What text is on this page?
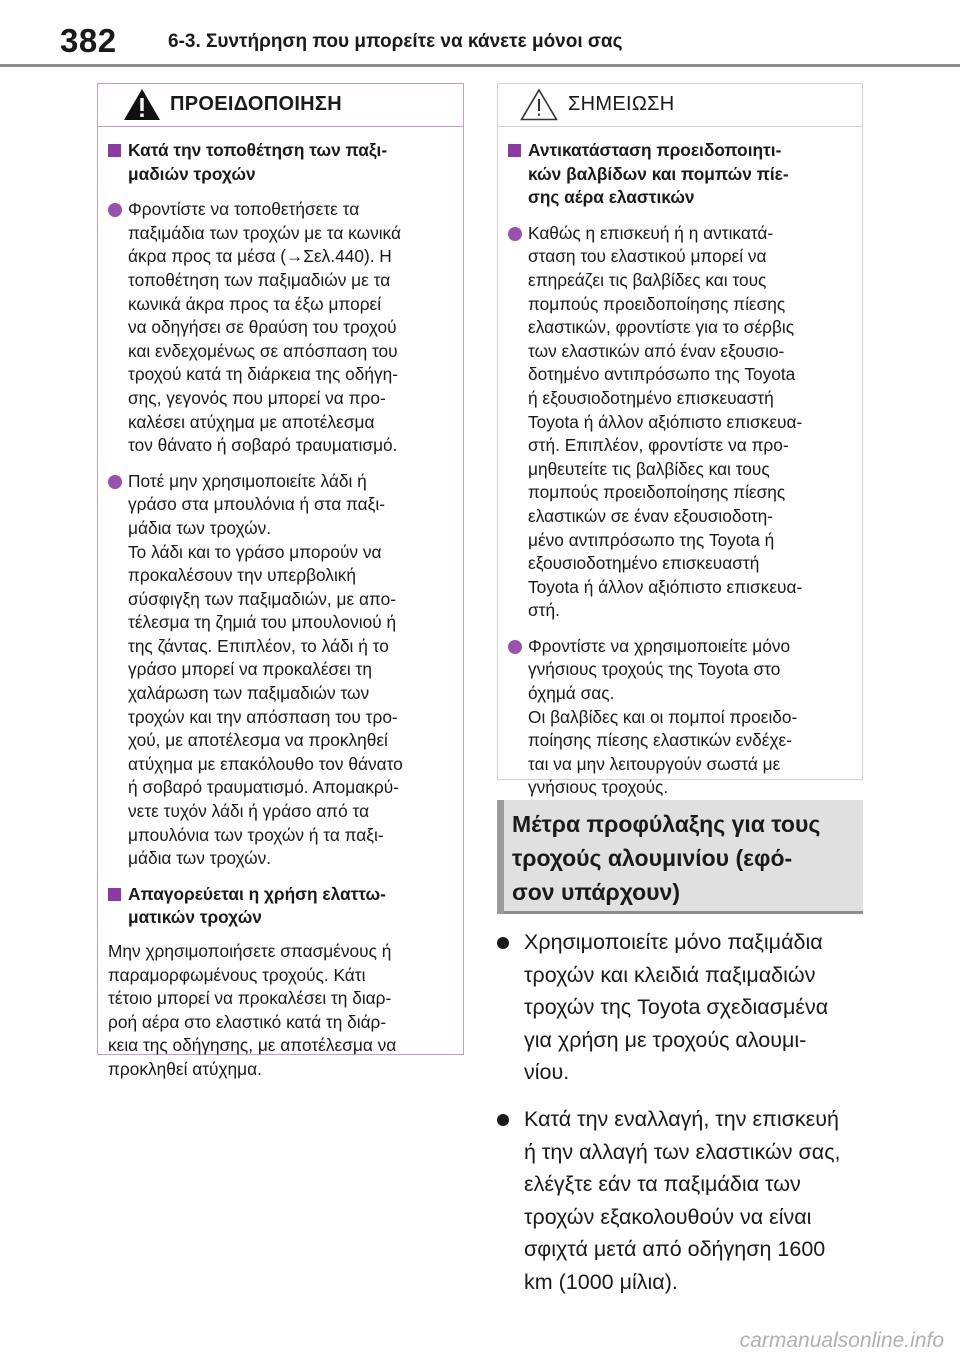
382	6-3. Συντήρηση που μπορείτε να κάνετε μόνοι σας
ΠΡΟΕΙΔΟΠΟΙΗΣΗ
Κατά την τοποθέτηση των παξι-
μαδιών τροχών
Φροντίστε να τοποθετήσετε τα
παξιμάδια των τροχών με τα κωνικά
άκρα προς τα μέσα (→Σελ.440). Η
τοποθέτηση των παξιμαδιών με τα
κωνικά άκρα προς τα έξω μπορεί
να οδηγήσει σε θραύση του τροχού
και ενδεχομένως σε απόσπαση του
τροχού κατά τη διάρκεια της οδήγη-
σης, γεγονός που μπορεί να προ-
καλέσει ατύχημα με αποτέλεσμα
τον θάνατο ή σοβαρό τραυματισμό.
Ποτέ μην χρησιμοποιείτε λάδι ή
γράσο στα μπουλόνια ή στα παξι-
μάδια των τροχών.
Το λάδι και το γράσο μπορούν να
προκαλέσουν την υπερβολική
σύσφιγξη των παξιμαδιών, με απο-
τέλεσμα τη ζημιά του μπουλονιού ή
της ζάντας. Επιπλέον, το λάδι ή το
γράσο μπορεί να προκαλέσει τη
χαλάρωση των παξιμαδιών των
τροχών και την απόσπαση του τρο-
χού, με αποτέλεσμα να προκληθεί
ατύχημα με επακόλουθο τον θάνατο
ή σοβαρό τραυματισμό. Απομακρύ-
νετε τυχόν λάδι ή γράσο από τα
μπουλόνια των τροχών ή τα παξι-
μάδια των τροχών.
Απαγορεύεται η χρήση ελαττω-
ματικών τροχών
Μην χρησιμοποιήσετε σπασμένους ή
παραμορφωμένους τροχούς. Κάτι
τέτοιο μπορεί να προκαλέσει τη διαρ-
ροή αέρα στο ελαστικό κατά τη διάρ-
κεια της οδήγησης, με αποτέλεσμα να
προκληθεί ατύχημα.
ΣΗΜΕΙΩΣΗ
Αντικατάσταση προειδοποιητι-
κών βαλβίδων και πομπών πίε-
σης αέρα ελαστικών
Καθώς η επισκευή ή η αντικατά-
σταση του ελαστικού μπορεί να
επηρεάζει τις βαλβίδες και τους
πομπούς προειδοποίησης πίεσης
ελαστικών, φροντίστε για το σέρβις
των ελαστικών από έναν εξουσιο-
δοτημένο αντιπρόσωπο της Toyota
ή εξουσιοδοτημένο επισκευαστή
Toyota ή άλλον αξιόπιστο επισκευα-
στή. Επιπλέον, φροντίστε να προ-
μηθευτείτε τις βαλβίδες και τους
πομπούς προειδοποίησης πίεσης
ελαστικών σε έναν εξουσιοδοτη-
μένο αντιπρόσωπο της Toyota ή
εξουσιοδοτημένο επισκευαστή
Toyota ή άλλον αξιόπιστο επισκευα-
στή.
Φροντίστε να χρησιμοποιείτε μόνο
γνήσιους τροχούς της Toyota στο
όχημά σας.
Οι βαλβίδες και οι πομποί προειδο-
ποίησης πίεσης ελαστικών ενδέχε-
ται να μην λειτουργούν σωστά με
γνήσιους τροχούς.
Μέτρα προφύλαξης για τους
τροχούς αλουμινίου (εφό-
σον υπάρχουν)
Χρησιμοποιείτε μόνο παξιμάδια
τροχών και κλειδιά παξιμαδιών
τροχών της Toyota σχεδιασμένα
για χρήση με τροχούς αλουμι-
νίου.
Κατά την εναλλαγή, την επισκευή
ή την αλλαγή των ελαστικών σας,
ελέγξτε εάν τα παξιμάδια των
τροχών εξακολουθούν να είναι
σφιχτά μετά από οδήγηση 1600
km (1000 μίλια).
carmanualsonline.info
